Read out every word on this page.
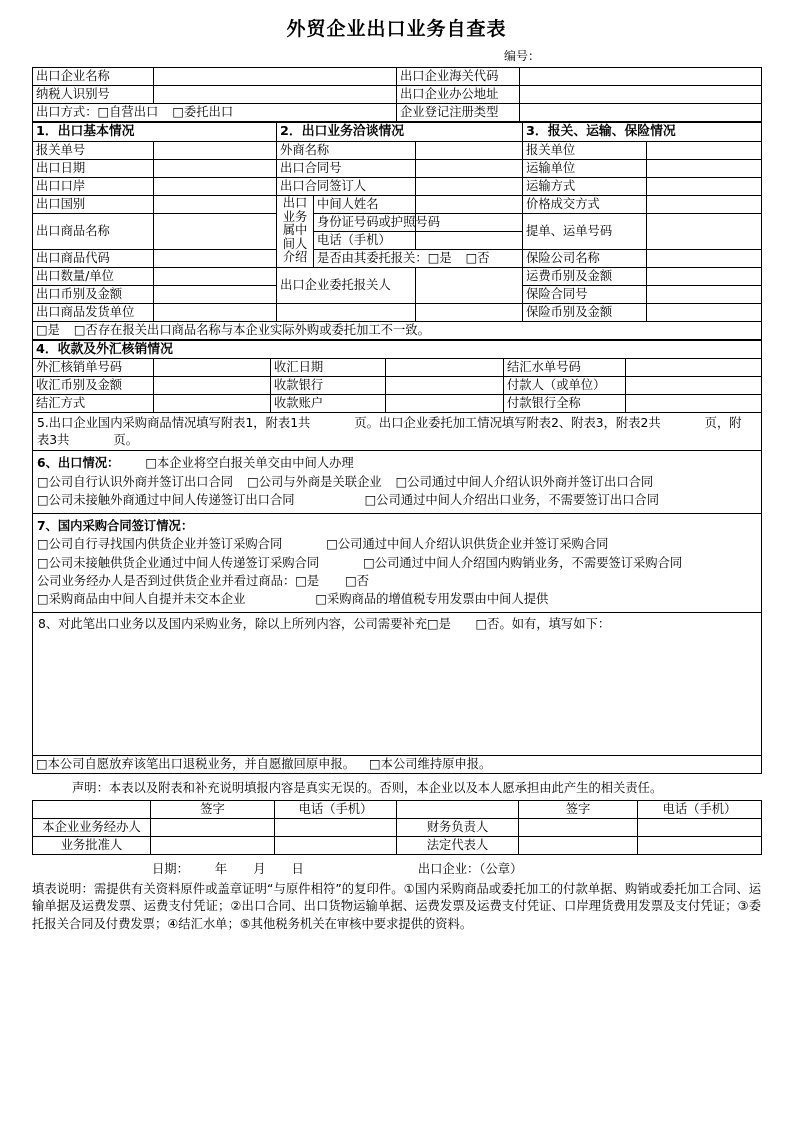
外贸企业出口业务自查表
编号：
出口企业名称		出口企业海关代码	
纳税人识别号		出口企业办公地址	
出口方式：□自营出口 □委托出口		企业登记注册类型	
1．出口基本情况		2．出口业务洽谈情况			3．报关、运输、保险情况	
报关单号		外商名称			报关单位	
出口日期		出口合同号			运输单位	
出口口岸		出口合同签订人			运输方式	
出口国别		出口业务属中间人介绍	中间人姓名		价格成交方式	
出口商品名称			身份证号码或护照号码		提单、运单号码	
			电话（手机）			
出口商品代码			是否由其委托报关：□是 □否		保险公司名称	
出口数量/单位		出口企业委托报关人			运费币别及金额	
出口币别及金额					保险合同号	
出口商品发货单位					保险币别及金额	
□是 □否存在报关出口商品名称与本企业实际外购或委托加工不一致。						
4．收款及外汇核销情况					
外汇核销单号码		收汇日期		结汇水单号码	
收汇币别及金额		收款银行		付款人（或单位）	
结汇方式		收款账户		付款银行全称	
5.出口企业国内采购商品情况填写附表1，附表1共 页。出口企业委托加工情况填写附表2、附表3，附表2共 页，附
表3共 页。					

6、出口情况： □本企业将空白报关单交由中间人办理
□公司自行认识外商并签订出口合同 □公司与外商是关联企业 □公司通过中间人介绍认识外商并签订出口合同
□公司未接触外商通过中间人传递签订出口合同 □公司通过中间人介绍出口业务，不需要签订出口合同					

7、国内采购合同签订情况：
□公司自行寻找国内供货企业并签订采购合同 □公司通过中间人介绍认识供货企业并签订采购合同
□公司未接触供货企业通过中间人传递签订采购合同 □公司通过中间人介绍国内购销业务，不需要签订采购合同
公司业务经办人是否到过供货企业并看过商品：□是 □否
□采购商品由中间人自提并未交本企业 □采购商品的增值税专用发票由中间人提供					

8、对此笔出口业务以及国内采购业务，除以上所列内容，公司需要补充□是　　□否。如有，填写如下：					

□本公司自愿放弃该笔出口退税业务，并自愿撤回原申报。 □本公司维持原申报。					
声明：本表以及附表和补充说明填报内容是真实无误的。否则，本企业以及本人愿承担由此产生的相关责任。
	签字	电话（手机）		签字	电话（手机）
本企业业务经办人			财务负责人		
业务批准人			法定代表人		
日期： 年 月 日	出口企业：（公章）
填表说明：需提供有关资料原件或盖章证明“与原件相符”的复印件。①国内采购商品或委托加工的付款单据、购销或委托加工合同、运输单据及运费发票、运费支付凭证；②出口合同、出口货物运输单据、运费发票及运费支付凭证、口岸理货费用发票及支付凭证；③委托报关合同及付费发票；④结汇水单；⑤其他税务机关在审核中要求提供的资料。
